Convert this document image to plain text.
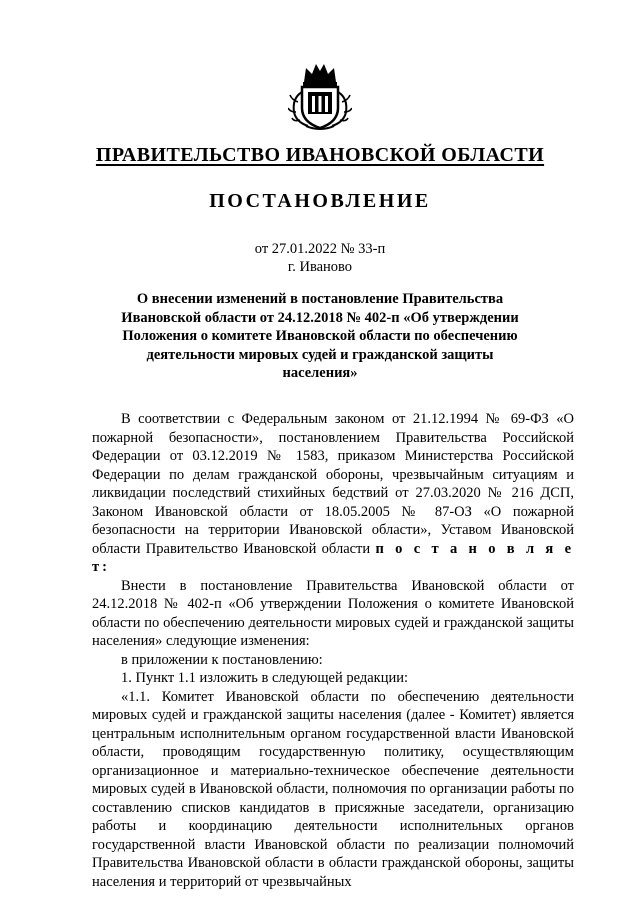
ПРАВИТЕЛЬСТВО ИВАНОВСКОЙ ОБЛАСТИ
ПОСТАНОВЛЕНИЕ
от 27.01.2022 № 33-п
г. Иваново
О внесении изменений в постановление Правительства Ивановской области от 24.12.2018 № 402-п «Об утверждении Положения о комитете Ивановской области по обеспечению деятельности мировых судей и гражданской защиты населения»

В соответствии с Федеральным законом от 21.12.1994 № 69-ФЗ «О пожарной безопасности», постановлением Правительства Российской Федерации от 03.12.2019 № 1583, приказом Министерства Российской Федерации по делам гражданской обороны, чрезвычайным ситуациям и ликвидации последствий стихийных бедствий от 27.03.2020 № 216 ДСП, Законом Ивановской области от 18.05.2005 № 87-ОЗ «О пожарной безопасности на территории Ивановской области», Уставом Ивановской области Правительство Ивановской области п о с т а н о в л я е т:

Внести в постановление Правительства Ивановской области от 24.12.2018 № 402-п «Об утверждении Положения о комитете Ивановской области по обеспечению деятельности мировых судей и гражданской защиты населения» следующие изменения:

в приложении к постановлению:

1. Пункт 1.1 изложить в следующей редакции:

«1.1. Комитет Ивановской области по обеспечению деятельности мировых судей и гражданской защиты населения (далее - Комитет) является центральным исполнительным органом государственной власти Ивановской области, проводящим государственную политику, осуществляющим организационное и материально-техническое обеспечение деятельности мировых судей в Ивановской области, полномочия по организации работы по составлению списков кандидатов в присяжные заседатели, организацию работы и координацию деятельности исполнительных органов государственной власти Ивановской области по реализации полномочий Правительства Ивановской области в области гражданской обороны, защиты населения и территорий от чрезвычайных
